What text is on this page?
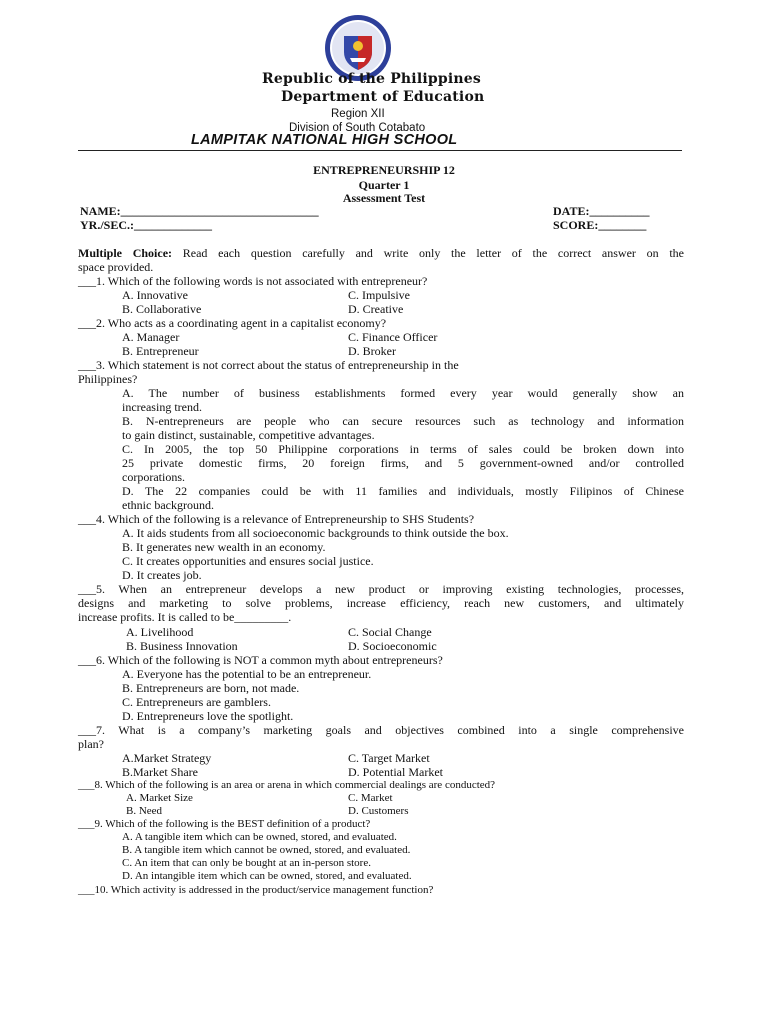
Republic of the Philippines
Department of Education
Region XII
Division of South Cotabato
LAMPITAK NATIONAL HIGH SCHOOL
ENTREPRENEURSHIP 12
Quarter 1
Assessment Test
NAME:_________________________________	DATE:__________
YR./SEC.:_____________	SCORE:________
Multiple Choice: Read each question carefully and write only the letter of the correct answer on the
space provided.
___1. Which of the following words is not associated with entrepreneur?
A. Innovative	C. Impulsive
B. Collaborative	D. Creative
___2. Who acts as a coordinating agent in a capitalist economy?
A. Manager	C. Finance Officer
B. Entrepreneur	D. Broker
___3. Which statement is not correct about the status of entrepreneurship in the
Philippines?
A. The number of business establishments formed every year would generally show an
increasing trend.
B. N-entrepreneurs are people who can secure resources such as technology and information
to gain distinct, sustainable, competitive advantages.
C. In 2005, the top 50 Philippine corporations in terms of sales could be broken down into
25 private domestic firms, 20 foreign firms, and 5 government-owned and/or controlled
corporations.
D. The 22 companies could be with 11 families and individuals, mostly Filipinos of Chinese
ethnic background.
___4. Which of the following is a relevance of Entrepreneurship to SHS Students?
A. It aids students from all socioeconomic backgrounds to think outside the box.
B. It generates new wealth in an economy.
C. It creates opportunities and ensures social justice.
D. It creates job.
___5. When an entrepreneur develops a new product or improving existing technologies, processes,
designs and marketing to solve problems, increase efficiency, reach new customers, and ultimately
increase profits. It is called to be_________.
A. Livelihood	C. Social Change
B. Business Innovation	D. Socioeconomic
___6. Which of the following is NOT a common myth about entrepreneurs?
A. Everyone has the potential to be an entrepreneur.
B. Entrepreneurs are born, not made.
C. Entrepreneurs are gamblers.
D. Entrepreneurs love the spotlight.
___7. What is a company’s marketing goals and objectives combined into a single comprehensive
plan?
A.Market Strategy	C. Target Market
B.Market Share	D. Potential Market
___8. Which of the following is an area or arena in which commercial dealings are conducted?
A. Market Size	C. Market
B. Need	D. Customers
___9. Which of the following is the BEST definition of a product?
A. A tangible item which can be owned, stored, and evaluated.
B. A tangible item which cannot be owned, stored, and evaluated.
C. An item that can only be bought at an in-person store.
D. An intangible item which can be owned, stored, and evaluated.
___10. Which activity is addressed in the product/service management function?
